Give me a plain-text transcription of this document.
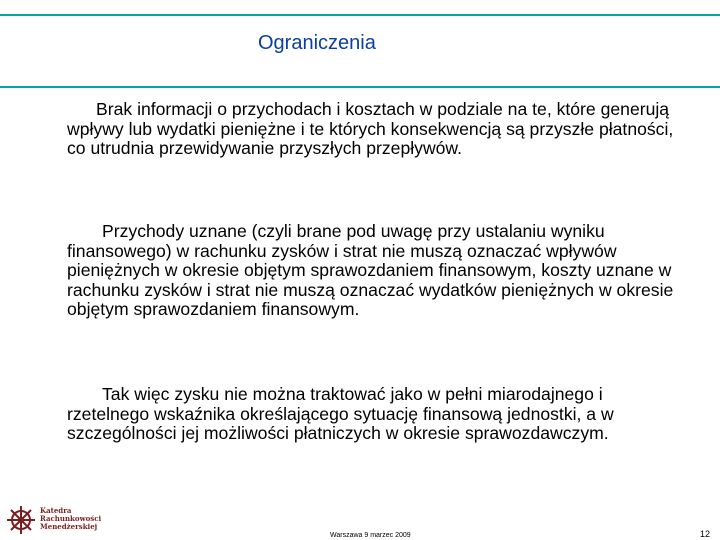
Ograniczenia

Brak informacji o przychodach i kosztach w podziale na te, które generują wpływy lub wydatki pieniężne i te których konsekwencją są przyszłe płatności, co utrudnia przewidywanie przyszłych przepływów.

Przychody uznane (czyli brane pod uwagę przy ustalaniu wyniku finansowego) w rachunku zysków i strat nie muszą oznaczać wpływów pieniężnych w okresie objętym sprawozdaniem finansowym, koszty uznane w rachunku zysków i strat nie muszą oznaczać wydatków pieniężnych w okresie objętym sprawozdaniem finansowym.

Tak więc zysku nie można traktować jako w pełni miarodajnego i rzetelnego wskaźnika określającego sytuację finansową jednostki, a w szczególności jej możliwości płatniczych w okresie sprawozdawczym.

Katedra
Rachunkowości
Menedżerskiej
Warszawa 9 marzec 2009	12
